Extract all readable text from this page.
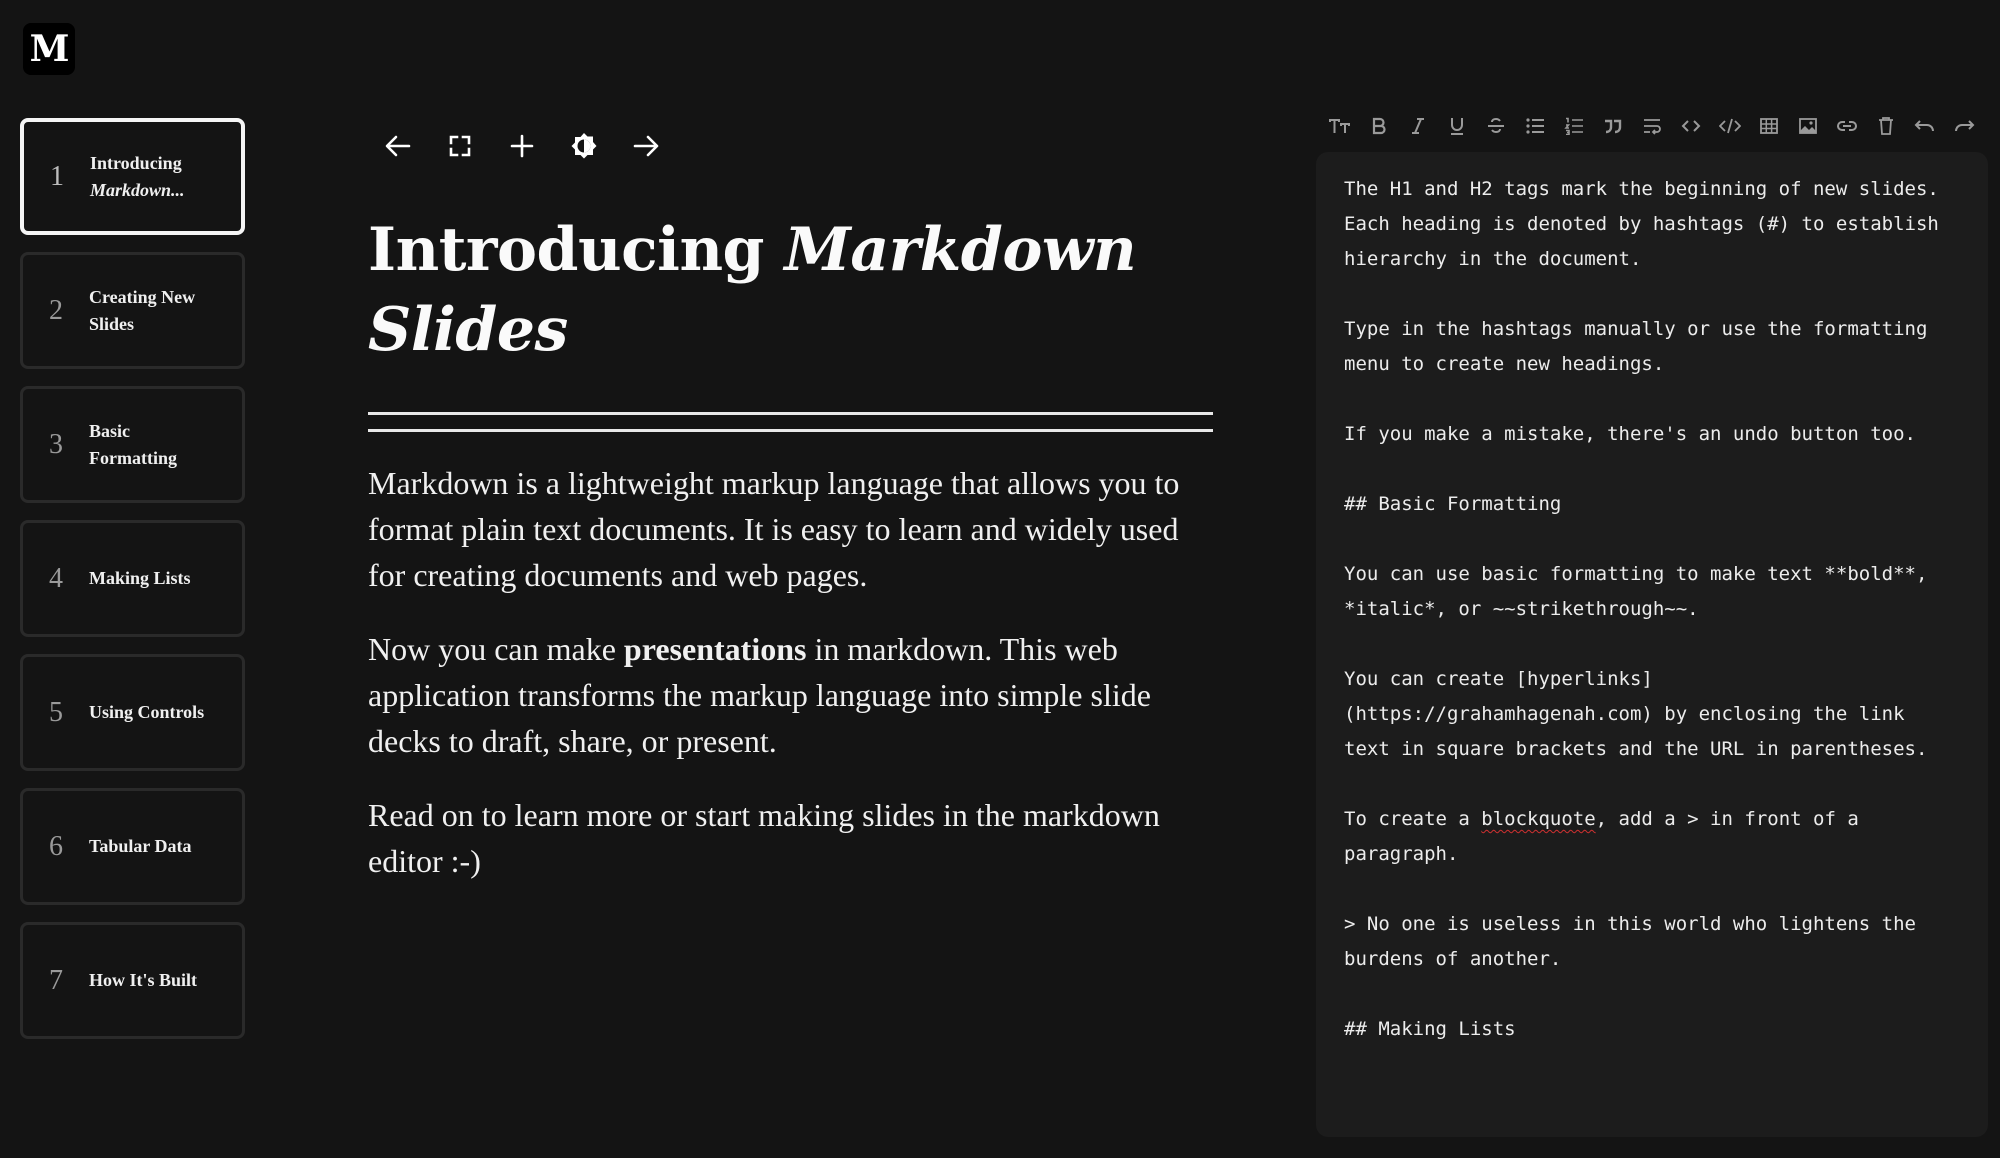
M
1	Introducing
Markdown...
2	Creating New Slides
3	Basic Formatting
4	Making Lists
5	Using Controls
6	Tabular Data
7	How It's Built
Introducing Markdown Slides

Markdown is a lightweight markup language that allows you to format plain text documents. It is easy to learn and widely used for creating documents and web pages.

Now you can make presentations in markdown. This web application transforms the markup language into simple slide decks to draft, share, or present.

Read on to learn more or start making slides in the markdown editor :-)

The H1 and H2 tags mark the beginning of new slides. Each heading is denoted by hashtags (#) to establish hierarchy in the document.

Type in the hashtags manually or use the formatting menu to create new headings.

If you make a mistake, there's an undo button too.

## Basic Formatting

You can use basic formatting to make text **bold**, *italic*, or ~~strikethrough~~.

You can create [hyperlinks](https://grahamhagenah.com) by enclosing the link text in square brackets and the URL in parentheses.

To create a blockquote, add a > in front of a paragraph.

> No one is useless in this world who lightens the burdens of another.

## Making Lists
